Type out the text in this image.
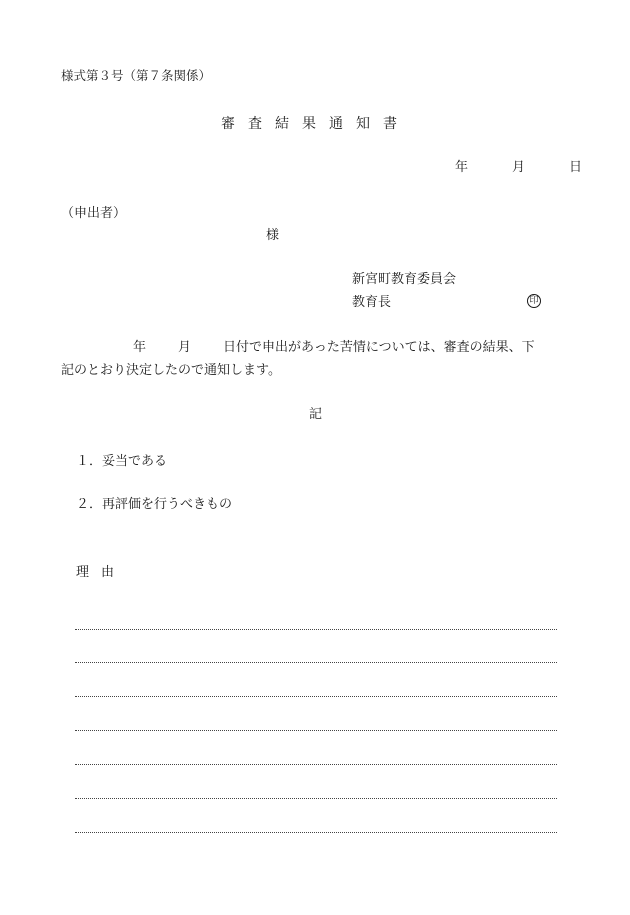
様式第３号（第７条関係）
審査結果通知書
年	月	日
（申出者）
様
新宮町教育委員会
教育長	印
年 月 日付で申出があった苦情については、審査の結果、下
記のとおり決定したので通知します。
記
１．妥当である
２．再評価を行うべきもの
理由
